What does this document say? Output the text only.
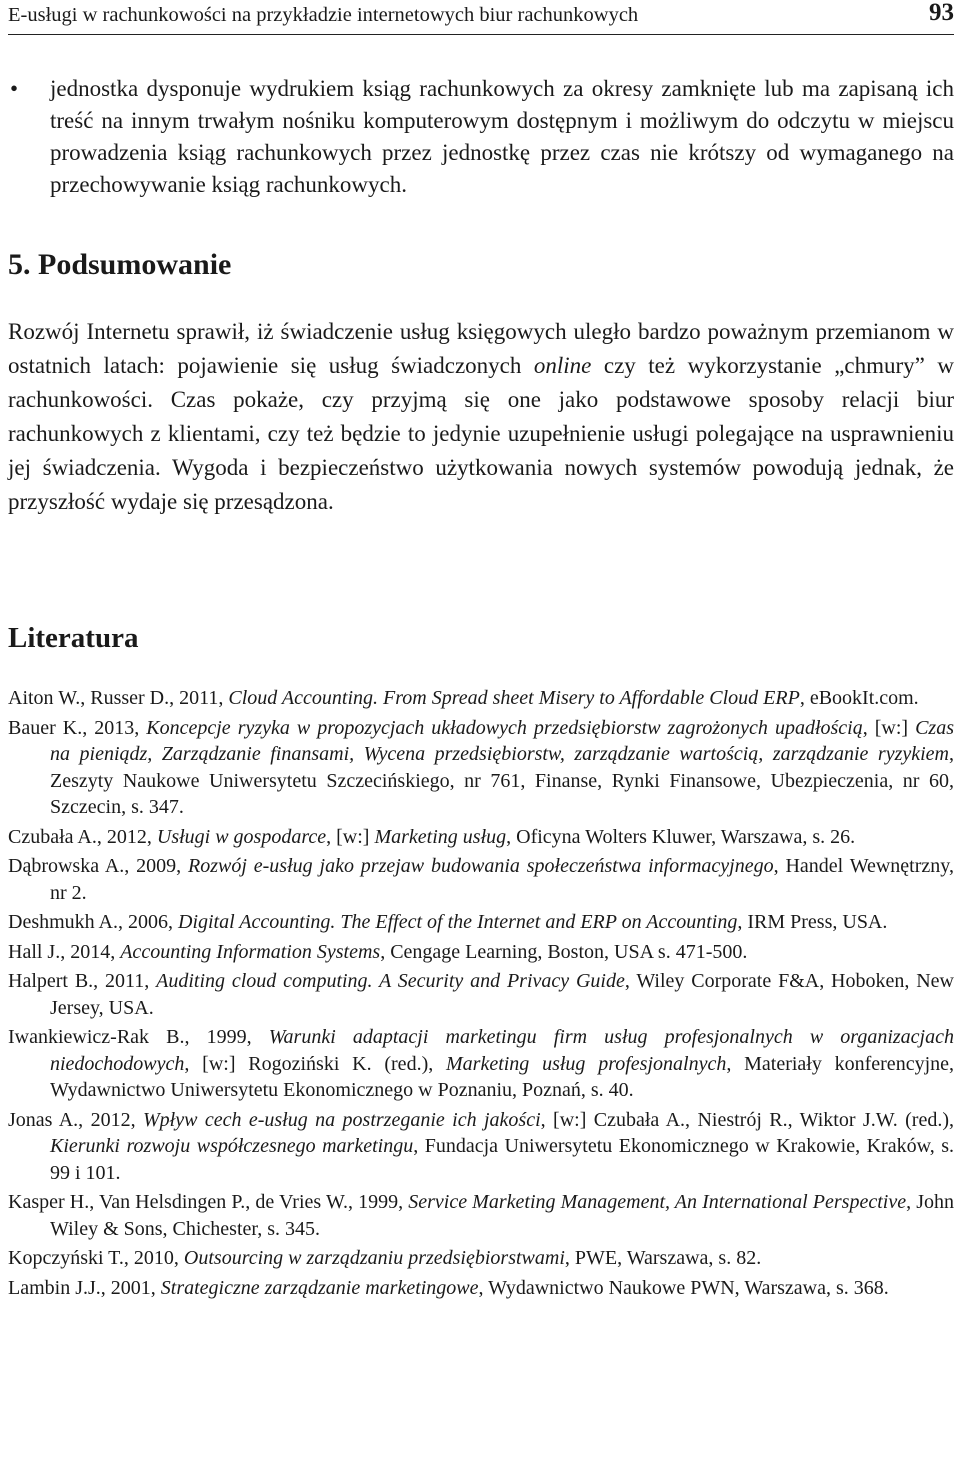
E-usługi w rachunkowości na przykładzie internetowych biur rachunkowych	93
• jednostka dysponuje wydrukiem ksiąg rachunkowych za okresy zamknięte lub ma zapisaną ich treść na innym trwałym nośniku komputerowym dostępnym i możliwym do odczytu w miejscu prowadzenia ksiąg rachunkowych przez jednostkę przez czas nie krótszy od wymaganego na przechowywanie ksiąg rachunkowych.
5. Podsumowanie
Rozwój Internetu sprawił, iż świadczenie usług księgowych uległo bardzo poważnym przemianom w ostatnich latach: pojawienie się usług świadczonych online czy też wykorzystanie „chmury” w rachunkowości. Czas pokaże, czy przyjmą się one jako podstawowe sposoby relacji biur rachunkowych z klientami, czy też będzie to jedynie uzupełnienie usługi polegające na usprawnieniu jej świadczenia. Wygoda i bezpieczeństwo użytkowania nowych systemów powodują jednak, że przyszłość wydaje się przesądzona.
Literatura
Aiton W., Russer D., 2011, Cloud Accounting. From Spread sheet Misery to Affordable Cloud ERP, eBookIt.com.
Bauer K., 2013, Koncepcje ryzyka w propozycjach układowych przedsiębiorstw zagrożonych upadłością, [w:] Czas na pieniądz, Zarządzanie finansami, Wycena przedsiębiorstw, zarządzanie wartością, zarządzanie ryzykiem, Zeszyty Naukowe Uniwersytetu Szczecińskiego, nr 761, Finanse, Rynki Finansowe, Ubezpieczenia, nr 60, Szczecin, s. 347.
Czubała A., 2012, Usługi w gospodarce, [w:] Marketing usług, Oficyna Wolters Kluwer, Warszawa, s. 26.
Dąbrowska A., 2009, Rozwój e-usług jako przejaw budowania społeczeństwa informacyjnego, Handel Wewnętrzny, nr 2.
Deshmukh A., 2006, Digital Accounting. The Effect of the Internet and ERP on Accounting, IRM Press, USA.
Hall J., 2014, Accounting Information Systems, Cengage Learning, Boston, USA s. 471-500.
Halpert B., 2011, Auditing cloud computing. A Security and Privacy Guide, Wiley Corporate F&A, Hoboken, New Jersey, USA.
Iwankiewicz-Rak B., 1999, Warunki adaptacji marketingu firm usług profesjonalnych w organizacjach niedochodowych, [w:] Rogoziński K. (red.), Marketing usług profesjonalnych, Materiały konferencyjne, Wydawnictwo Uniwersytetu Ekonomicznego w Poznaniu, Poznań, s. 40.
Jonas A., 2012, Wpływ cech e-usług na postrzeganie ich jakości, [w:] Czubała A., Niestrój R., Wiktor J.W. (red.), Kierunki rozwoju współczesnego marketingu, Fundacja Uniwersytetu Ekonomicznego w Krakowie, Kraków, s. 99 i 101.
Kasper H., Van Helsdingen P., de Vries W., 1999, Service Marketing Management, An International Perspective, John Wiley & Sons, Chichester, s. 345.
Kopczyński T., 2010, Outsourcing w zarządzaniu przedsiębiorstwami, PWE, Warszawa, s. 82.
Lambin J.J., 2001, Strategiczne zarządzanie marketingowe, Wydawnictwo Naukowe PWN, Warszawa, s. 368.
